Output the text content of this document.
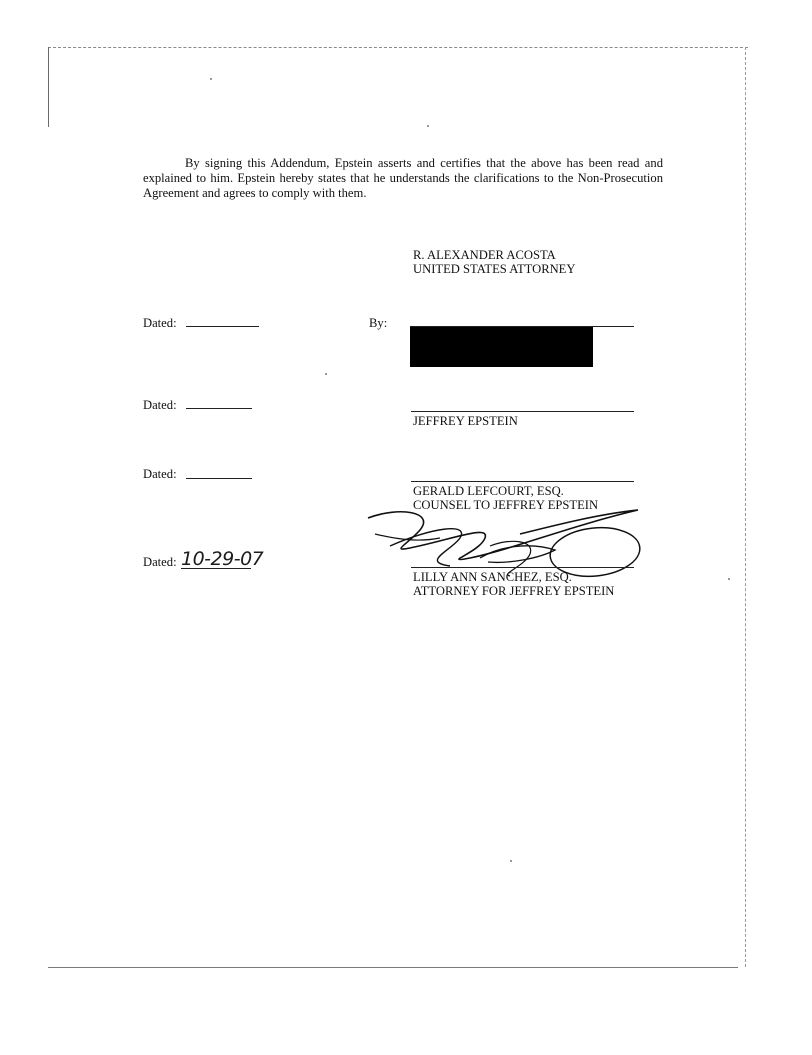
By signing this Addendum, Epstein asserts and certifies that the above has been read and explained to him. Epstein hereby states that he understands the clarifications to the Non-Prosecution Agreement and agrees to comply with them.

R. ALEXANDER ACOSTA
UNITED STATES ATTORNEY
Dated:	By:
Dated:
JEFFREY EPSTEIN
Dated:
GERALD LEFCOURT, ESQ.
COUNSEL TO JEFFREY EPSTEIN
Dated: 10-29-07
LILLY ANN SANCHEZ, ESQ.
ATTORNEY FOR JEFFREY EPSTEIN
